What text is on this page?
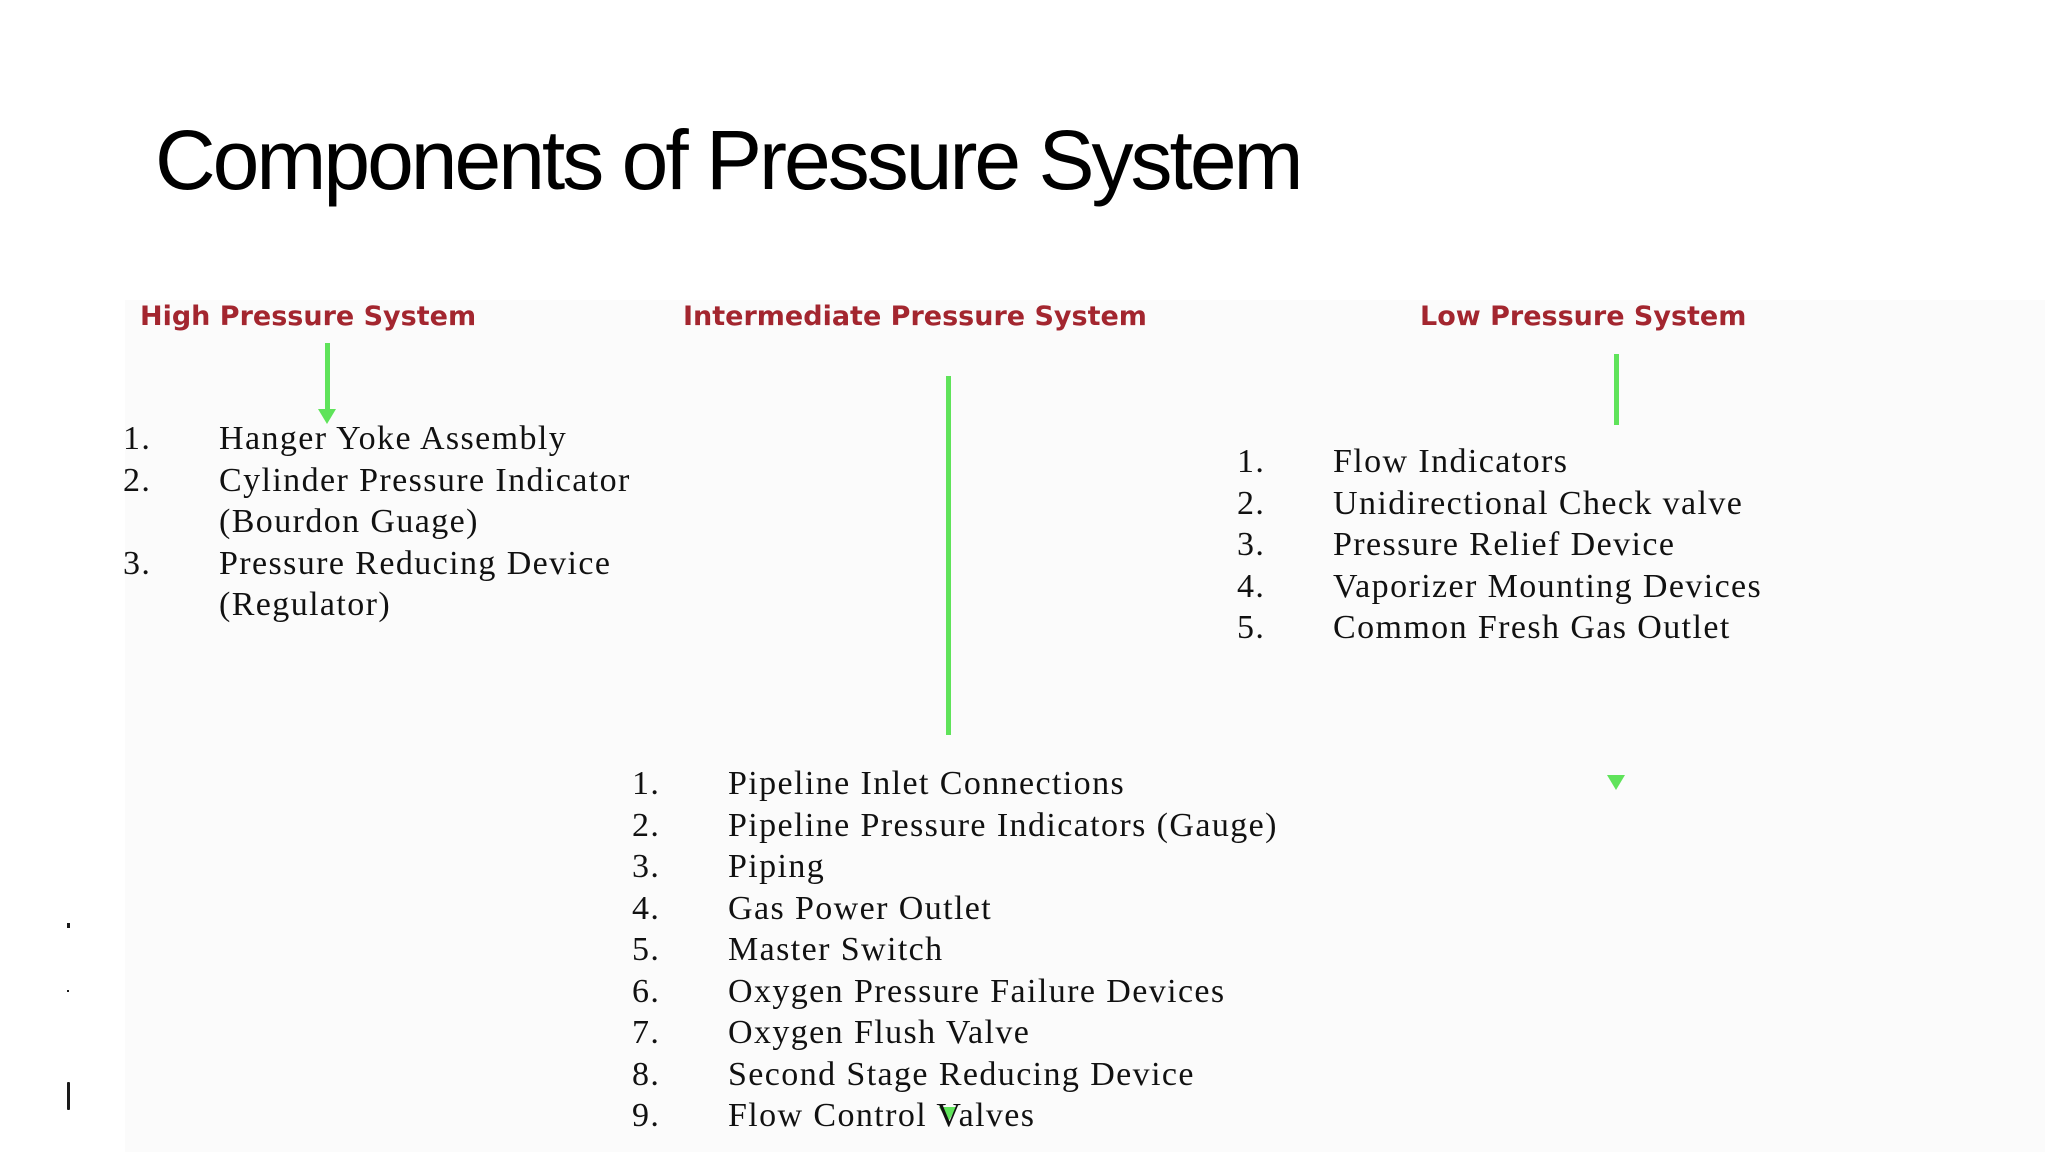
Components of Pressure System
High Pressure System	Intermediate Pressure System	Low Pressure System
1. Hanger Yoke Assembly
2. Cylinder Pressure Indicator
(Bourdon Guage)
3. Pressure Reducing Device
(Regulator)
1. Flow Indicators
2. Unidirectional Check valve
3. Pressure Relief Device
4. Vaporizer Mounting Devices
5. Common Fresh Gas Outlet
1. Pipeline Inlet Connections
2. Pipeline Pressure Indicators (Gauge)
3. Piping
4. Gas Power Outlet
5. Master Switch
6. Oxygen Pressure Failure Devices
7. Oxygen Flush Valve
8. Second Stage Reducing Device
9. Flow Control Valves
